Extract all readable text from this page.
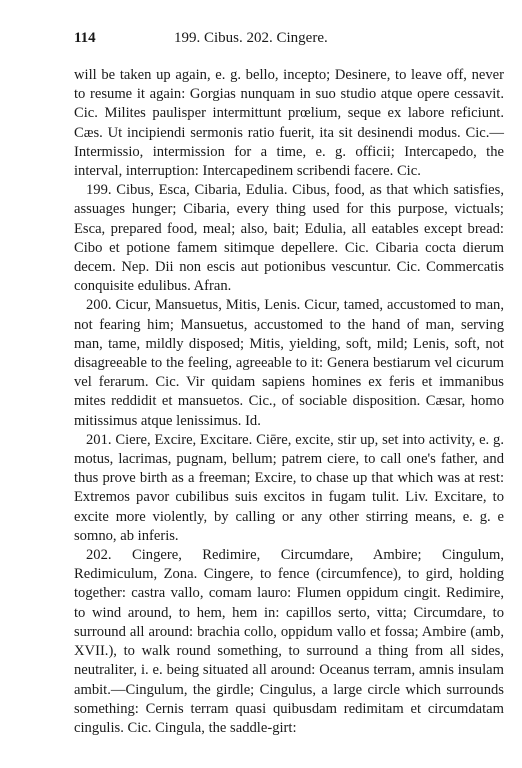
114	199. Cibus. 202. Cingere.

will be taken up again, e. g. bello, incepto; Desinere, to leave off, never to resume it again: Gorgias nunquam in suo studio atque opere cessavit. Cic. Milites paulisper intermittunt prœlium, seque ex labore reficiunt. Cæs. Ut incipiendi sermonis ratio fuerit, ita sit desinendi modus. Cic.—Intermissio, intermission for a time, e. g. officii; Intercapedo, the interval, interruption: Intercapedinem scribendi facere. Cic.

199. Cibus, Esca, Cibaria, Edulia. Cibus, food, as that which satisfies, assuages hunger; Cibaria, every thing used for this purpose, victuals; Esca, prepared food, meal; also, bait; Edulia, all eatables except bread: Cibo et potione famem sitimque depellere. Cic. Cibaria cocta dierum decem. Nep. Dii non escis aut potionibus vescuntur. Cic. Commercatis conquisite edulibus. Afran.

200. Cicur, Mansuetus, Mitis, Lenis. Cicur, tamed, accustomed to man, not fearing him; Mansuetus, accustomed to the hand of man, serving man, tame, mildly disposed; Mitis, yielding, soft, mild; Lenis, soft, not disagreeable to the feeling, agreeable to it: Genera bestiarum vel cicurum vel ferarum. Cic. Vir quidam sapiens homines ex feris et immanibus mites reddidit et mansuetos. Cic., of sociable disposition. Cæsar, homo mitissimus atque lenissimus. Id.

201. Ciere, Excire, Excitare. Ciēre, excite, stir up, set into activity, e. g. motus, lacrimas, pugnam, bellum; patrem ciere, to call one's father, and thus prove birth as a freeman; Excire, to chase up that which was at rest: Extremos pavor cubilibus suis excitos in fugam tulit. Liv. Excitare, to excite more violently, by calling or any other stirring means, e. g. e somno, ab inferis.

202. Cingere, Redimire, Circumdare, Ambire; Cingulum, Redimiculum, Zona. Cingere, to fence (circumfence), to gird, holding together: castra vallo, comam lauro: Flumen oppidum cingit. Redimire, to wind around, to hem, hem in: capillos serto, vitta; Circumdare, to surround all around: brachia collo, oppidum vallo et fossa; Ambire (amb, XVII.), to walk round something, to surround a thing from all sides, neutraliter, i. e. being situated all around: Oceanus terram, amnis insulam ambit.—Cingulum, the girdle; Cingulus, a large circle which surrounds something: Cernis terram quasi quibusdam redimitam et circumdatam cingulis. Cic. Cingula, the saddle-girt:
